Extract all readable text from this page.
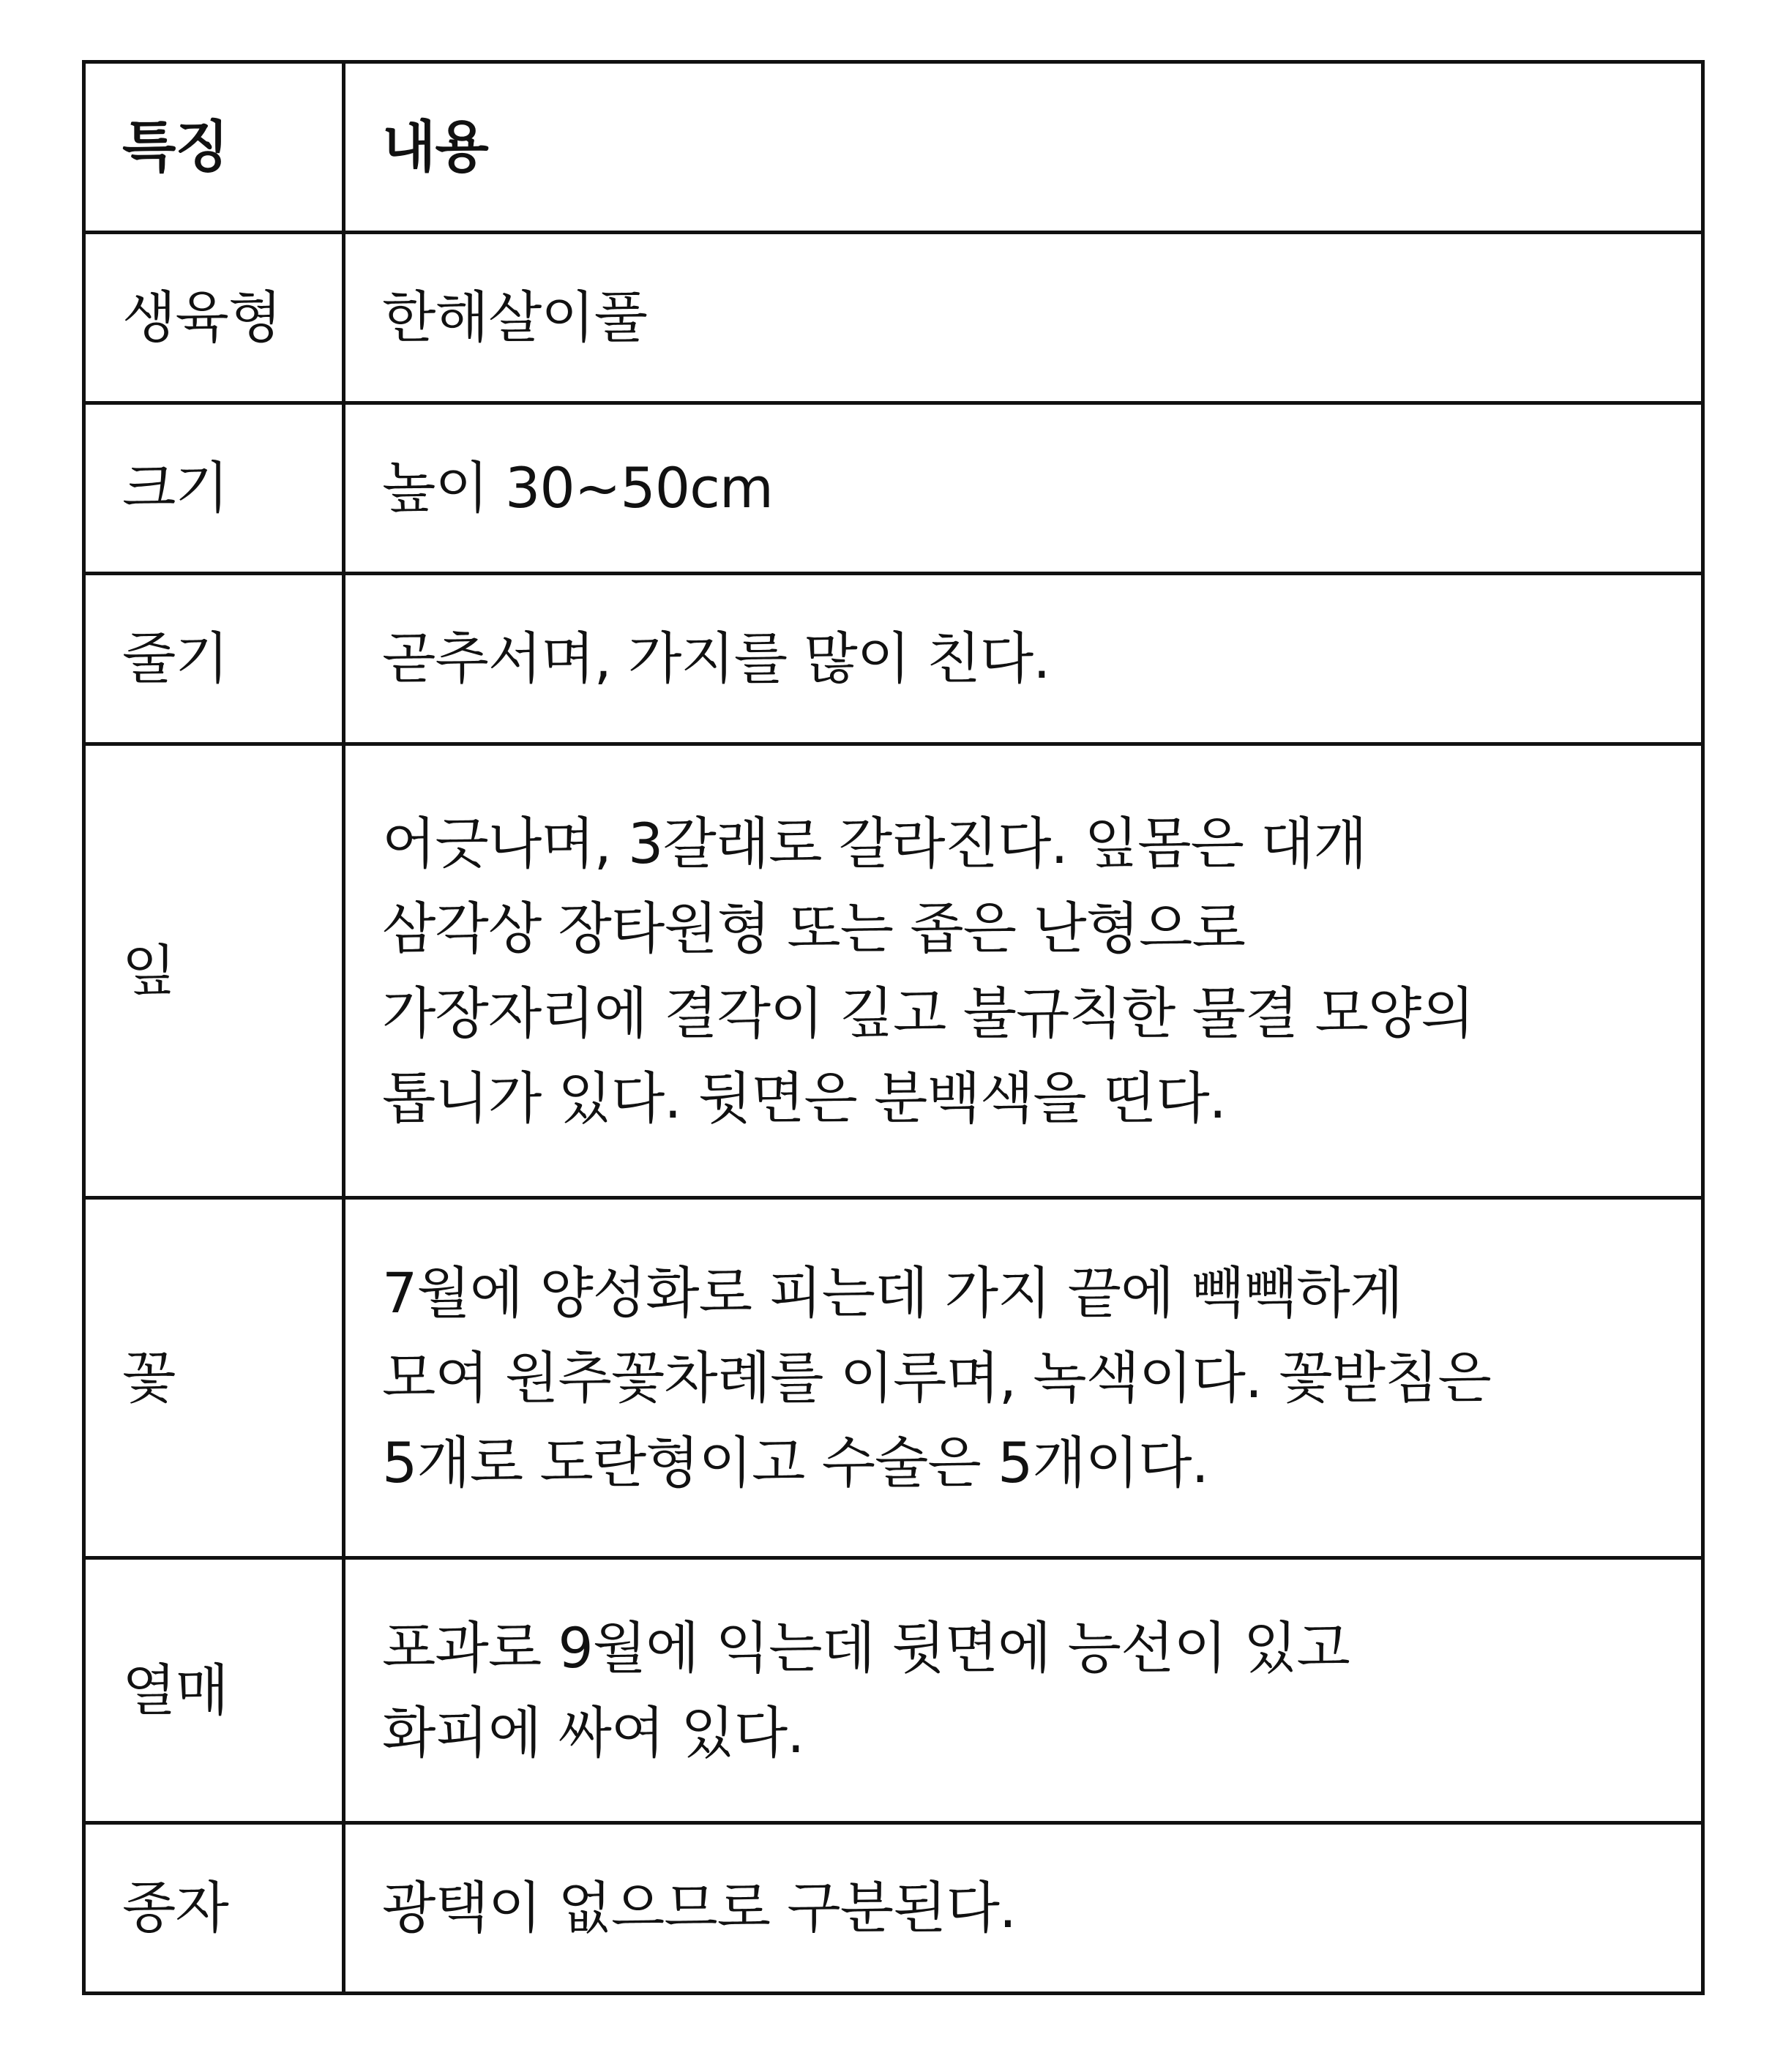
특징	내용
생육형	한해살이풀

크기	높이 30~50cm

줄기	곧추서며, 가지를 많이 친다.

잎	어긋나며, 3갈래로 갈라진다. 잎몸은 대개
삼각상 장타원형 또는 좁은 난형으로
가장자리에 결각이 깊고 불규칙한 물결 모양의
톱니가 있다. 뒷면은 분백색을 띤다.

꽃	7월에 양성화로 피는데 가지 끝에 빽빽하게
모여 원추꽃차례를 이루며, 녹색이다. 꽃받침은
5개로 도란형이고 수술은 5개이다.

열매	포과로 9월에 익는데 뒷면에 능선이 있고
화피에 싸여 있다.

종자	광택이 없으므로 구분된다.
